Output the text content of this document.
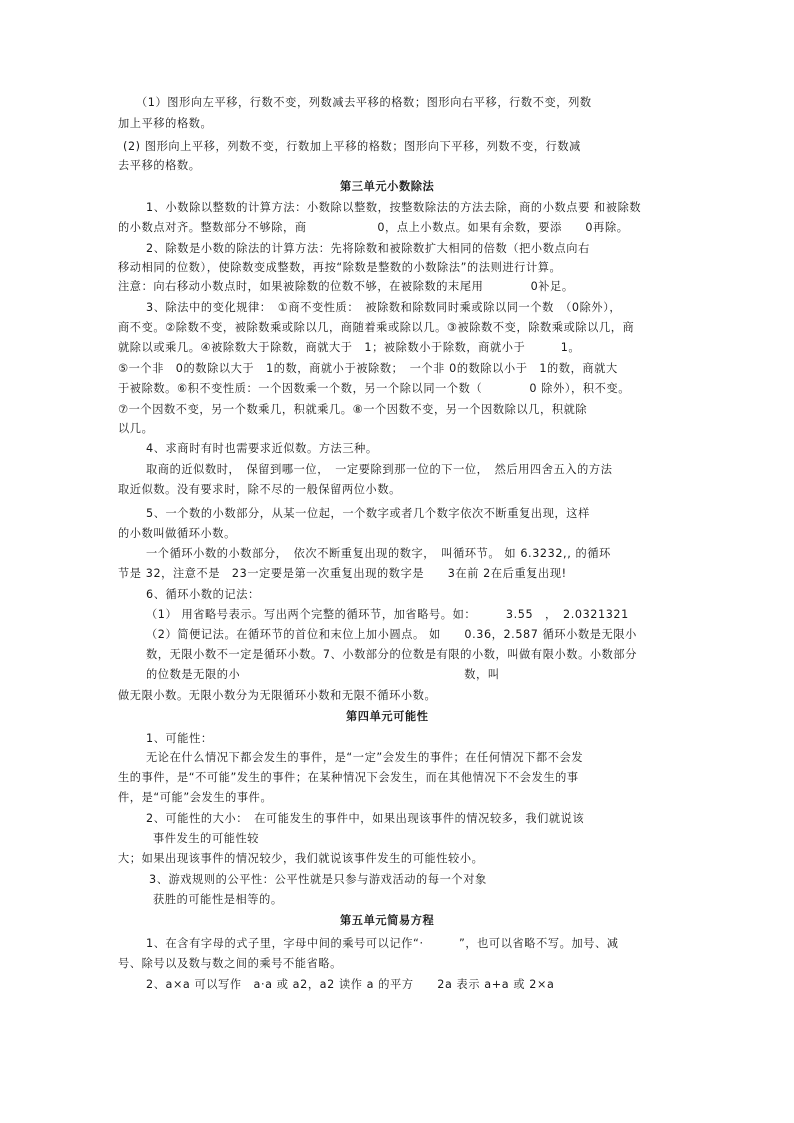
（1）图形向左平移，行数不变，列数减去平移的格数；图形向右平移，行数不变，列数
加上平移的格数。
(2) 图形向上平移，列数不变，行数加上平移的格数；图形向下平移，列数不变，行数减
去平移的格数。
第三单元小数除法
1、小数除以整数的计算方法：小数除以整数，按整数除法的方法去除，商的小数点要 和被除数
的小数点对齐。整数部分不够除，商　　　　　　0，点上小数点。如果有余数，要添　　0再除。
2、除数是小数的除法的计算方法：先将除数和被除数扩大相同的倍数（把小数点向右
移动相同的位数），使除数变成整数，再按“除数是整数的小数除法”的法则进行计算。
注意：向右移动小数点时，如果被除数的位数不够，在被除数的末尾用　　　　0补足。
3、除法中的变化规律：　①商不变性质：　被除数和除数同时乘或除以同一个数　（0除外），
商不变。②除数不变，被除数乘或除以几，商随着乘或除以几。③被除数不变，除数乘或除以几，商
就除以或乘几。④被除数大于除数，商就大于　1；被除数小于除数，商就小于　　　1。
⑤一个非　0的数除以大于　1的数，商就小于被除数；　一个非 0的数除以小于　1的数，商就大
于被除数。⑥积不变性质：一个因数乘一个数，另一个除以同一个数（　　　　0 除外），积不变。
⑦一个因数不变，另一个数乘几，积就乘几。⑧一个因数不变，另一个因数除以几，积就除
以几。
4、求商时有时也需要求近似数。方法三种。
取商的近似数时，　保留到哪一位，　一定要除到那一位的下一位，　然后用四舍五入的方法
取近似数。没有要求时，除不尽的一般保留两位小数。
5、一个数的小数部分，从某一位起，一个数字或者几个数字依次不断重复出现，这样
的小数叫做循环小数。
一个循环小数的小数部分，　依次不断重复出现的数字，　叫循环节。 如 6.3232,, 的循环
节是 32，注意不是　23一定要是第一次重复出现的数字是　　3在前 2在后重复出现!
6、循环小数的记法：
（1） 用省略号表示。写出两个完整的循环节，加省略号。如：　　　3.55　，　2.0321321
（2）简便记法。在循环节的首位和末位上加小圆点。 如　　0.36，2.587 循环小数是无限小
数，无限小数不一定是循环小数。7、小数部分的位数是有限的小数，叫做有限小数。小数部分
的位数是无限的小　　　　　　　　　　　　　　　　　　　数，叫
做无限小数。无限小数分为无限循环小数和无限不循环小数。
第四单元可能性
1、可能性：
无论在什么情况下都会发生的事件，是“一定”会发生的事件；在任何情况下都不会发
生的事件，是“不可能”发生的事件；在某种情况下会发生，而在其他情况下不会发生的事
件，是“可能”会发生的事件。
2、可能性的大小：　在可能发生的事件中，如果出现该事件的情况较多，我们就说该
事件发生的可能性较
大；如果出现该事件的情况较少，我们就说该事件发生的可能性较小。
3、游戏规则的公平性：公平性就是只参与游戏活动的每一个对象
获胜的可能性是相等的。
第五单元简易方程
1、在含有字母的式子里，字母中间的乘号可以记作“·　　　”，也可以省略不写。加号、减
号、除号以及数与数之间的乘号不能省略。
2、a×a 可以写作　a·a 或 a2，a2 读作 a 的平方　　2a 表示 a+a 或 2×a
